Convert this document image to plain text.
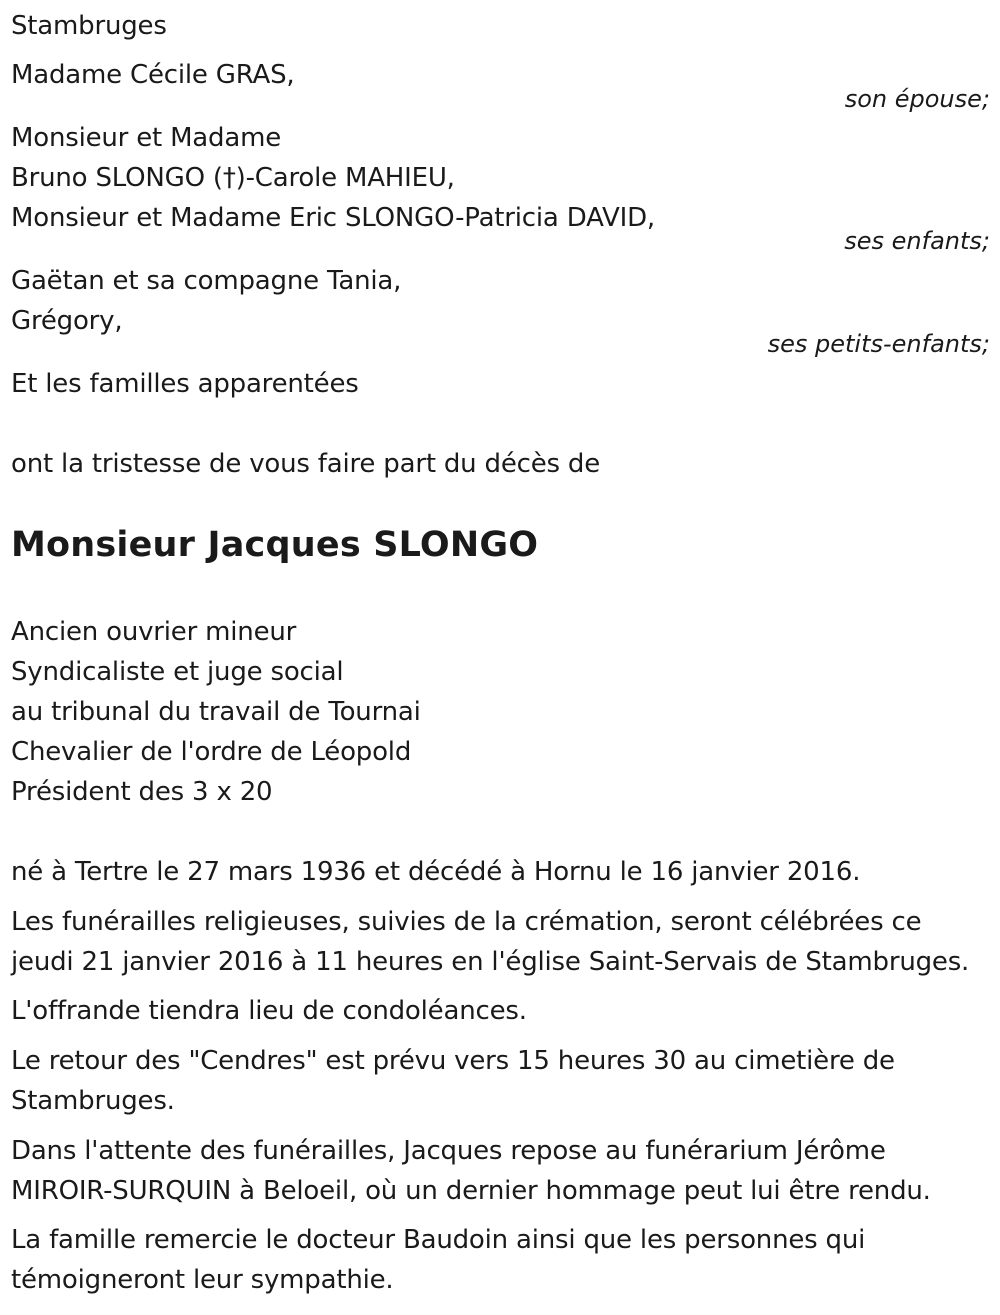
Stambruges
Madame Cécile GRAS,
son épouse;
Monsieur et Madame
Bruno SLONGO (†)-Carole MAHIEU,
Monsieur et Madame Eric SLONGO-Patricia DAVID,
ses enfants;
Gaëtan et sa compagne Tania,
Grégory,
ses petits-enfants;
Et les familles apparentées
ont la tristesse de vous faire part du décès de
Monsieur Jacques SLONGO
Ancien ouvrier mineur
Syndicaliste et juge social
au tribunal du travail de Tournai
Chevalier de l'ordre de Léopold
Président des 3 x 20
né à Tertre le 27 mars 1936 et décédé à Hornu le 16 janvier 2016.
Les funérailles religieuses, suivies de la crémation, seront célébrées ce
jeudi 21 janvier 2016 à 11 heures en l'église Saint-Servais de Stambruges.
L'offrande tiendra lieu de condoléances.
Le retour des "Cendres" est prévu vers 15 heures 30 au cimetière de
Stambruges.
Dans l'attente des funérailles, Jacques repose au funérarium Jérôme
MIROIR-SURQUIN à Beloeil, où un dernier hommage peut lui être rendu.
La famille remercie le docteur Baudoin ainsi que les personnes qui
témoigneront leur sympathie.
